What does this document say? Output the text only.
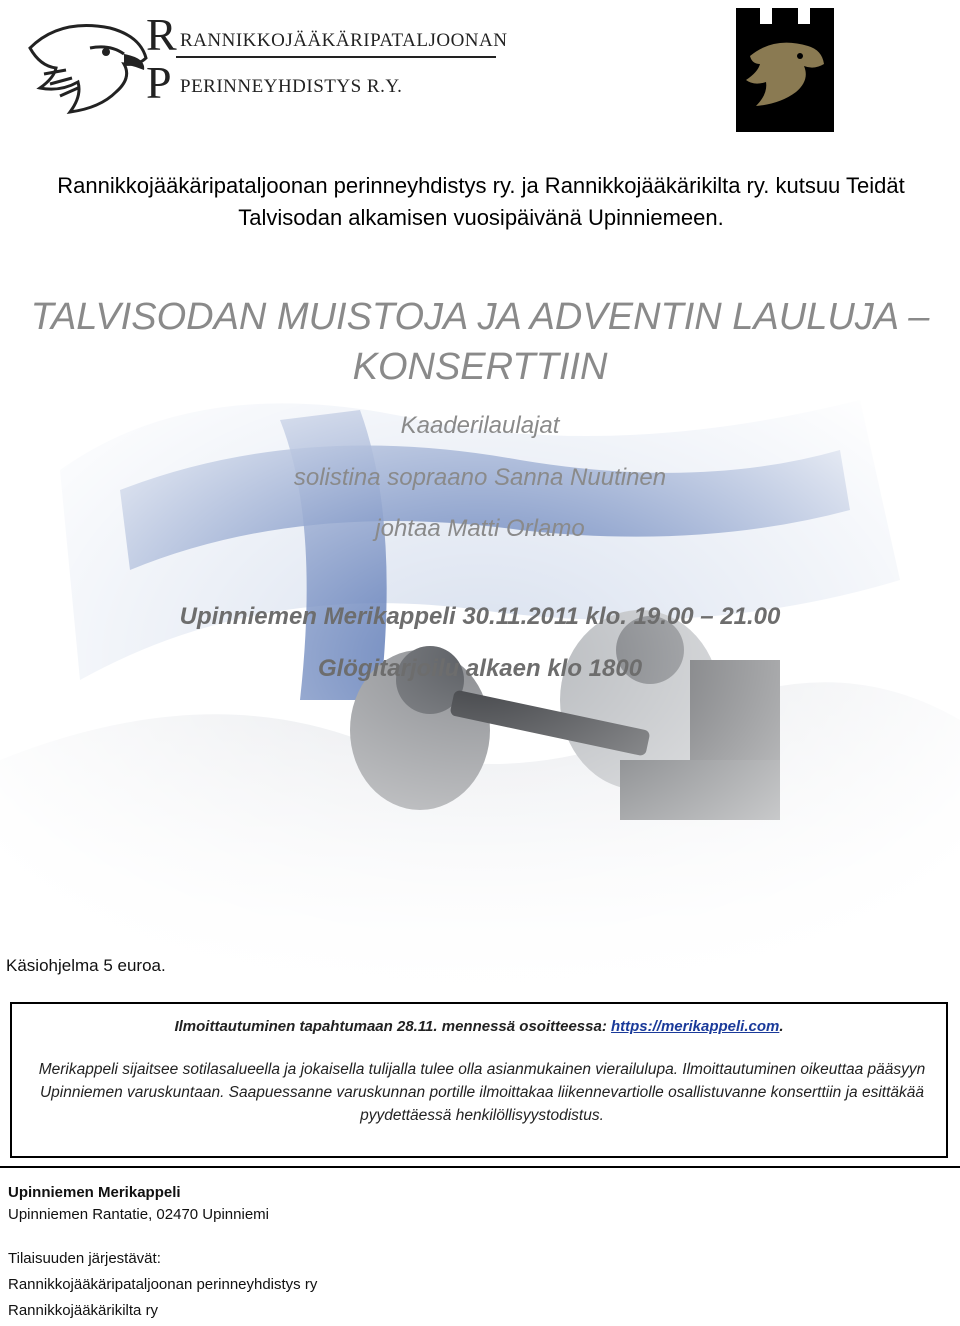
R RANNIKKOJÄÄKÄRIPATALJOONAN
P PERINNEYHDISTYS R.Y.
Rannikkojääkäripataljoonan perinneyhdistys ry. ja Rannikkojääkärikilta ry. kutsuu Teidät Talvisodan alkamisen vuosipäivänä Upinniemeen.
TALVISODAN MUISTOJA JA ADVENTIN LAULUJA –
KONSERTTIIN
Kaaderilaulajat
solistina sopraano Sanna Nuutinen
johtaa Matti Orlamo
Upinniemen Merikappeli 30.11.2011 klo. 19.00 – 21.00
Glögitarjoilu alkaen klo 1800
Käsiohjelma 5 euroa.
Ilmoittautuminen tapahtumaan 28.11. mennessä osoitteessa: https://merikappeli.com.
Merikappeli sijaitsee sotilasalueella ja jokaisella tulijalla tulee olla asianmukainen vierailulupa. Ilmoittautuminen oikeuttaa pääsyyn Upinniemen varuskuntaan. Saapuessanne varuskunnan portille ilmoittakaa liikennevartiolle osallistuvanne konserttiin ja esittäkää pyydettäessä henkilöllisyystodistus.
Upinniemen Merikappeli
Upinniemen Rantatie, 02470 Upinniemi
Tilaisuuden järjestävät:
Rannikkojääkäripataljoonan perinneyhdistys ry
Rannikkojääkärikilta ry
